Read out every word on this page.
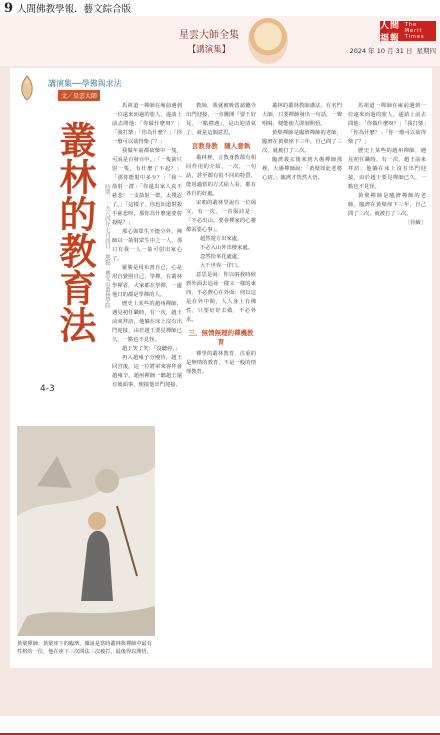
9 人間佛教學報．藝文綜合版
星雲大師全集
【講演集】
人間福報
The Merit Times
2024 年 10 月 31 日 星期四
講演集──學佛與求法
文／星雲大師
叢林的教育法 時間：一九八四年七月四日　地點：佛光山叢林學院
4-3

馬祖道一禪師在庵前遇到一位遠來而過的旅人，遂請上前去問他：「你做什麼呀？」「我打柴」「你為什麼？」「你一廢可以砍得柴了？」

我做年前都砍柴中一隻，可說是百發百中。」「一隻箭只射一隻，有什麼了不起？」「那你能射中多少？」「我一箭射一群」「你還出家人真不慈悲！一支箭射一群，太殘忍了。」「這樣子，你也知道射殺不慈悲呀，那你為什麼還要射殺呢？」

那心與眾生不能分外，禪師以一箭射眾生中之一人，那只有我一人一箭可射出家心了。

羅勝是用布書自己，心是用自覺照自己，學禪，在叢林學禪者，大家都在學禪，一邊他日的都是學禪的人。

歷史上某些的趙州禪師，遇見初任職時，有一次，趙王前來拜訪，他躺在床上沒有出門迎接，由於趙王要見禪師已久，一點也不見怪。

趙王笑了笑：「沒聽停。」

再入趙雍子分慢待，趙王回宮後，這一位將軍來客拜會趙雍辛，趙州禪師一聽趙王還有後面事，便接他出門迎接。

教師，我就被吸當諸聽寺出門迎接，一旁騰開『要王好見，一點禮遇』，是出迎清氣了，就是這個意思。

言教身教　隨人意執

叢林裡，言教身教都有相同作用的介紹，一次，一句話，甚至都有很不同的特質，能用適當的方式給人看，都有各自的好處。

宋朝的叢林里說有一位偈文，有一次，一首偈詩是：「不必出山，要會禪家的心靈都需要心事」。

超然遊方出家處，
不必入山外出棲家處。
忽然拾來花處處，
大千世界一洋口。

意思是說：你以兩我時候到外面去追尋一樣又一樣的東西，不必費心在外面；何以這是在外中間，人人身上有佛性，只要好好去做，不必外求。

三、無情無理的禪機教育

禪學的叢林教育，注重的是無情的教育，不是一般的情理教育。

叢林的叢林教師講法，有名門大師，只要禪師發出一句話，一聲唱喝，便能使人即刻開悟。

黃檗禪師是臨濟禪師的老師，臨濟在黃檗座下三年，自己問了三次，就被打了三次。

臨濟義玄後來到大愚禪師那裡，大愚禪師說：「黃檗如此老婆心切。」臨濟才恍然大悟。

馬祖道一禪師在庵前遇到一位遠來而過的旅人，遂請上前去問他：「你做什麼呀？」「我打柴」「你為什麼？」「你一廢可以砍得柴了？」

歷史上某些的趙州禪師，遇見初任職時，有一次，趙王前來拜訪，他躺在床上沒有出門迎接，由於趙王要見禪師已久，一點也不見怪。

黃檗禪師是臨濟禪師的老師，臨濟在黃檗座下三年，自己問了三次，就被打了三次。

〔待續〕
黃檗禪師：黃檗座下的臨濟，據說是當時叢林典禪師中最有性格的一位，他在座下三次問法三次被打，最後得以開悟。
